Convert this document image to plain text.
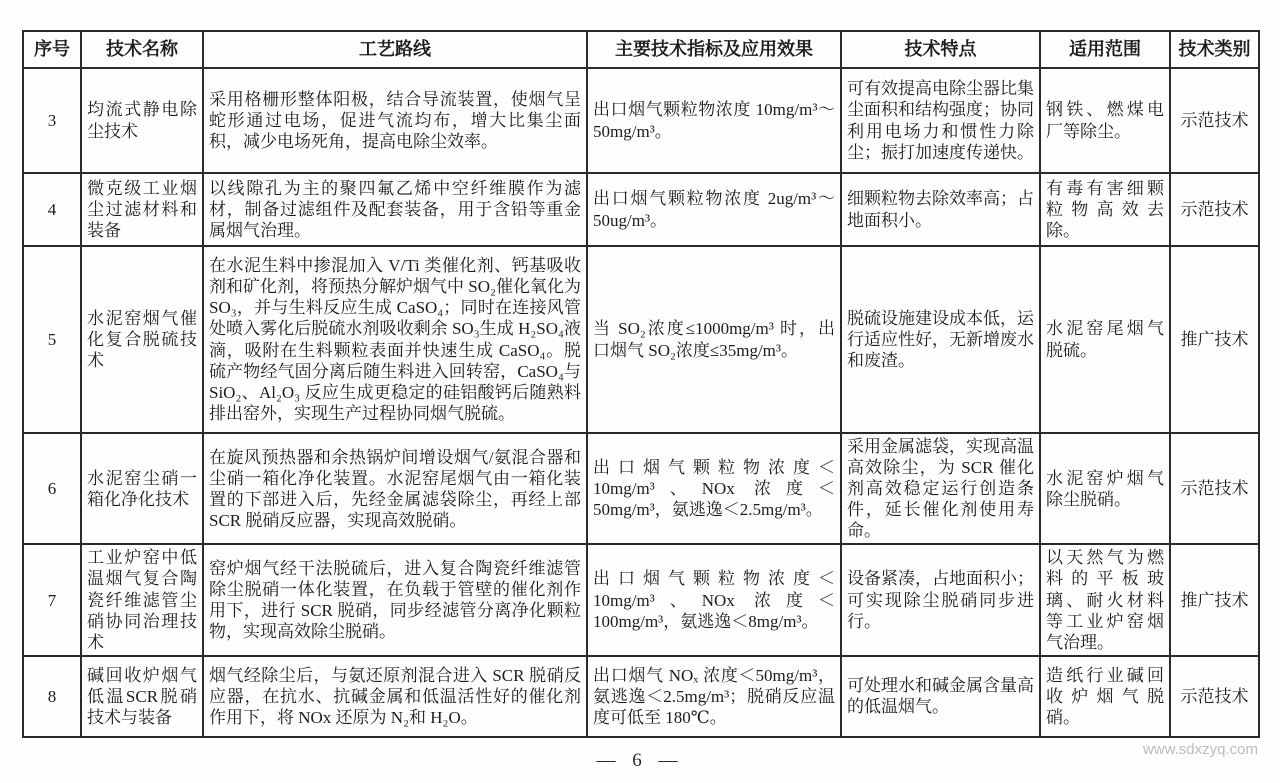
序号	技术名称	工艺路线	主要技术指标及应用效果	技术特点	适用范围	技术类别
3	均流式静电除尘技术	采用格栅形整体阳极，结合导流装置，使烟气呈蛇形通过电场，促进气流均布，增大比集尘面积，减少电场死角，提高电除尘效率。	出口烟气颗粒物浓度 10mg/m³～50mg/m³。	可有效提高电除尘器比集尘面积和结构强度；协同利用电场力和惯性力除尘；振打加速度传递快。	钢铁、燃煤电厂等除尘。	示范技术
4	微克级工业烟尘过滤材料和装备	以线隙孔为主的聚四氟乙烯中空纤维膜作为滤材，制备过滤组件及配套装备，用于含铅等重金属烟气治理。	出口烟气颗粒物浓度 2ug/m³～50ug/m³。	细颗粒物去除效率高；占地面积小。	有毒有害细颗粒物高效去除。	示范技术
5	水泥窑烟气催化复合脱硫技术	在水泥生料中掺混加入 V/Ti 类催化剂、钙基吸收剂和矿化剂，将预热分解炉烟气中 SO₂催化氧化为SO₃，并与生料反应生成 CaSO₄；同时在连接风管处喷入雾化后脱硫水剂吸收剩余 SO₃生成 H₂SO₄液滴，吸附在生料颗粒表面并快速生成 CaSO₄。脱硫产物经气固分离后随生料进入回转窑，CaSO₄与 SiO₂、Al₂O₃ 反应生成更稳定的硅铝酸钙后随熟料排出窑外，实现生产过程协同烟气脱硫。	当 SO₂浓度≤1000mg/m³ 时，出口烟气 SO₂浓度≤35mg/m³。	脱硫设施建设成本低，运行适应性好，无新增废水和废渣。	水泥窑尾烟气脱硫。	推广技术
6	水泥窑尘硝一箱化净化技术	在旋风预热器和余热锅炉间增设烟气/氨混合器和尘硝一箱化净化装置。水泥窑尾烟气由一箱化装置的下部进入后，先经金属滤袋除尘，再经上部 SCR 脱硝反应器，实现高效脱硝。	出口烟气颗粒物浓度＜10mg/m³、NOx 浓度＜50mg/m³，氨逃逸＜2.5mg/m³。	采用金属滤袋，实现高温高效除尘，为 SCR 催化剂高效稳定运行创造条件，延长催化剂使用寿命。	水泥窑炉烟气除尘脱硝。	示范技术
7	工业炉窑中低温烟气复合陶瓷纤维滤管尘硝协同治理技术	窑炉烟气经干法脱硫后，进入复合陶瓷纤维滤管除尘脱硝一体化装置，在负载于管壁的催化剂作用下，进行 SCR 脱硝，同步经滤管分离净化颗粒物，实现高效除尘脱硝。	出口烟气颗粒物浓度＜10mg/m³、NOx 浓度＜100mg/m³，氨逃逸＜8mg/m³。	设备紧凑，占地面积小；可实现除尘脱硝同步进行。	以天然气为燃料的平板玻璃、耐火材料等工业炉窑烟气治理。	推广技术
8	碱回收炉烟气低温SCR脱硝技术与装备	烟气经除尘后，与氨还原剂混合进入 SCR 脱硝反应器，在抗水、抗碱金属和低温活性好的催化剂作用下，将 NOx 还原为 N₂和 H₂O。	出口烟气 NOₓ 浓度＜50mg/m³，氨逃逸＜2.5mg/m³；脱硝反应温度可低至 180℃。	可处理水和碱金属含量高的低温烟气。	造纸行业碱回收炉烟气脱硝。	示范技术
— 6 —
www.sdxzyq.com
